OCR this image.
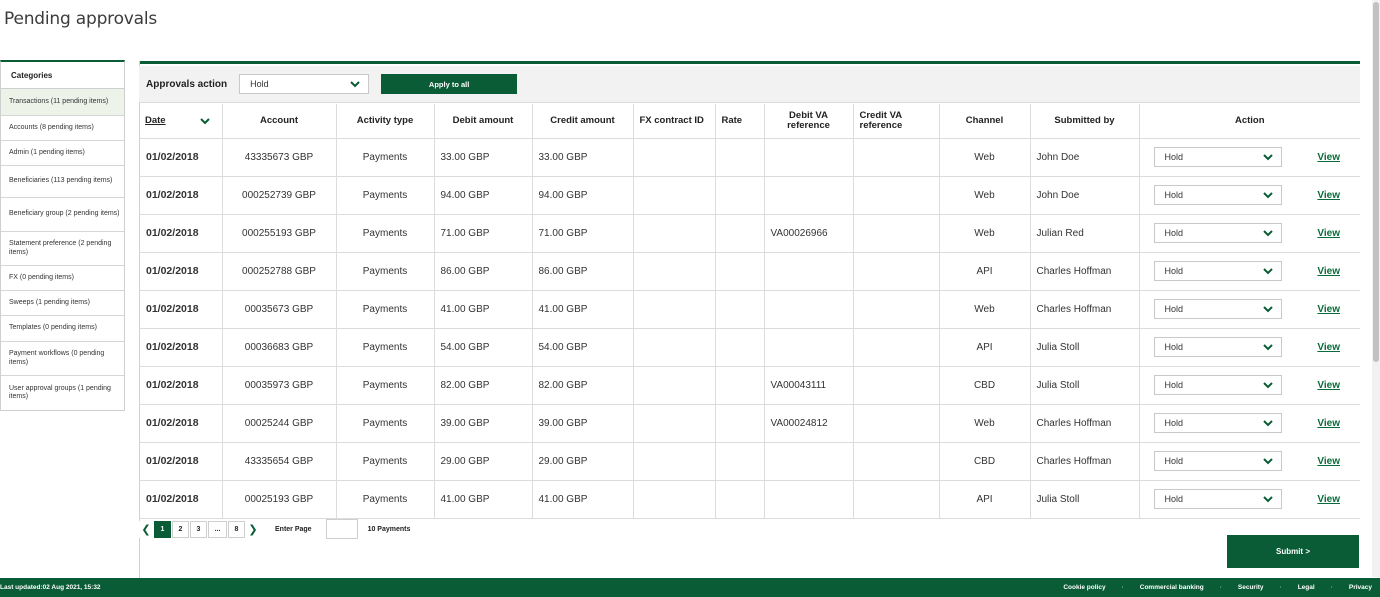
Pending approvals
Categories
Transactions (11 pending items)
Accounts (8 pending items)
Admin (1 pending items)
Beneficiaries (113 pending items)
Beneficiary group (2 pending items)
Statement preference (2 pending items)
FX (0 pending items)
Sweeps (1 pending items)
Templates (0 pending items)
Payment workflows (0 pending items)
User approval groups (1 pending items)
Approvals action	Hold	Apply to all
Date	Account	Activity type	Debit amount	Credit amount	FX contract ID	Rate	Debit VA reference	Credit VA reference	Channel	Submitted by	Action
01/02/2018	43335673 GBP	Payments	33.00 GBP	33.00 GBP					Web	John Doe	Hold View

01/02/2018	000252739 GBP	Payments	94.00 GBP	94.00 GBP					Web	John Doe	Hold View

01/02/2018	000255193 GBP	Payments	71.00 GBP	71.00 GBP			VA00026966		Web	Julian Red	Hold View

01/02/2018	000252788 GBP	Payments	86.00 GBP	86.00 GBP					API	Charles Hoffman	Hold View

01/02/2018	00035673 GBP	Payments	41.00 GBP	41.00 GBP					Web	Charles Hoffman	Hold View

01/02/2018	00036683 GBP	Payments	54.00 GBP	54.00 GBP					API	Julia Stoll	Hold View

01/02/2018	00035973 GBP	Payments	82.00 GBP	82.00 GBP			VA00043111		CBD	Julia Stoll	Hold View

01/02/2018	00025244 GBP	Payments	39.00 GBP	39.00 GBP			VA00024812		Web	Charles Hoffman	Hold View

01/02/2018	43335654 GBP	Payments	29.00 GBP	29.00 GBP					CBD	Charles Hoffman	Hold View

01/02/2018	00025193 GBP	Payments	41.00 GBP	41.00 GBP					API	Julia Stoll	Hold View
❮	1	2	3	...	8 ❯	Enter Page	10 Payments
Submit >
Last updated:02 Aug 2021, 15:32	Cookie policy · Commercial banking · Security · Legal · Privacy
